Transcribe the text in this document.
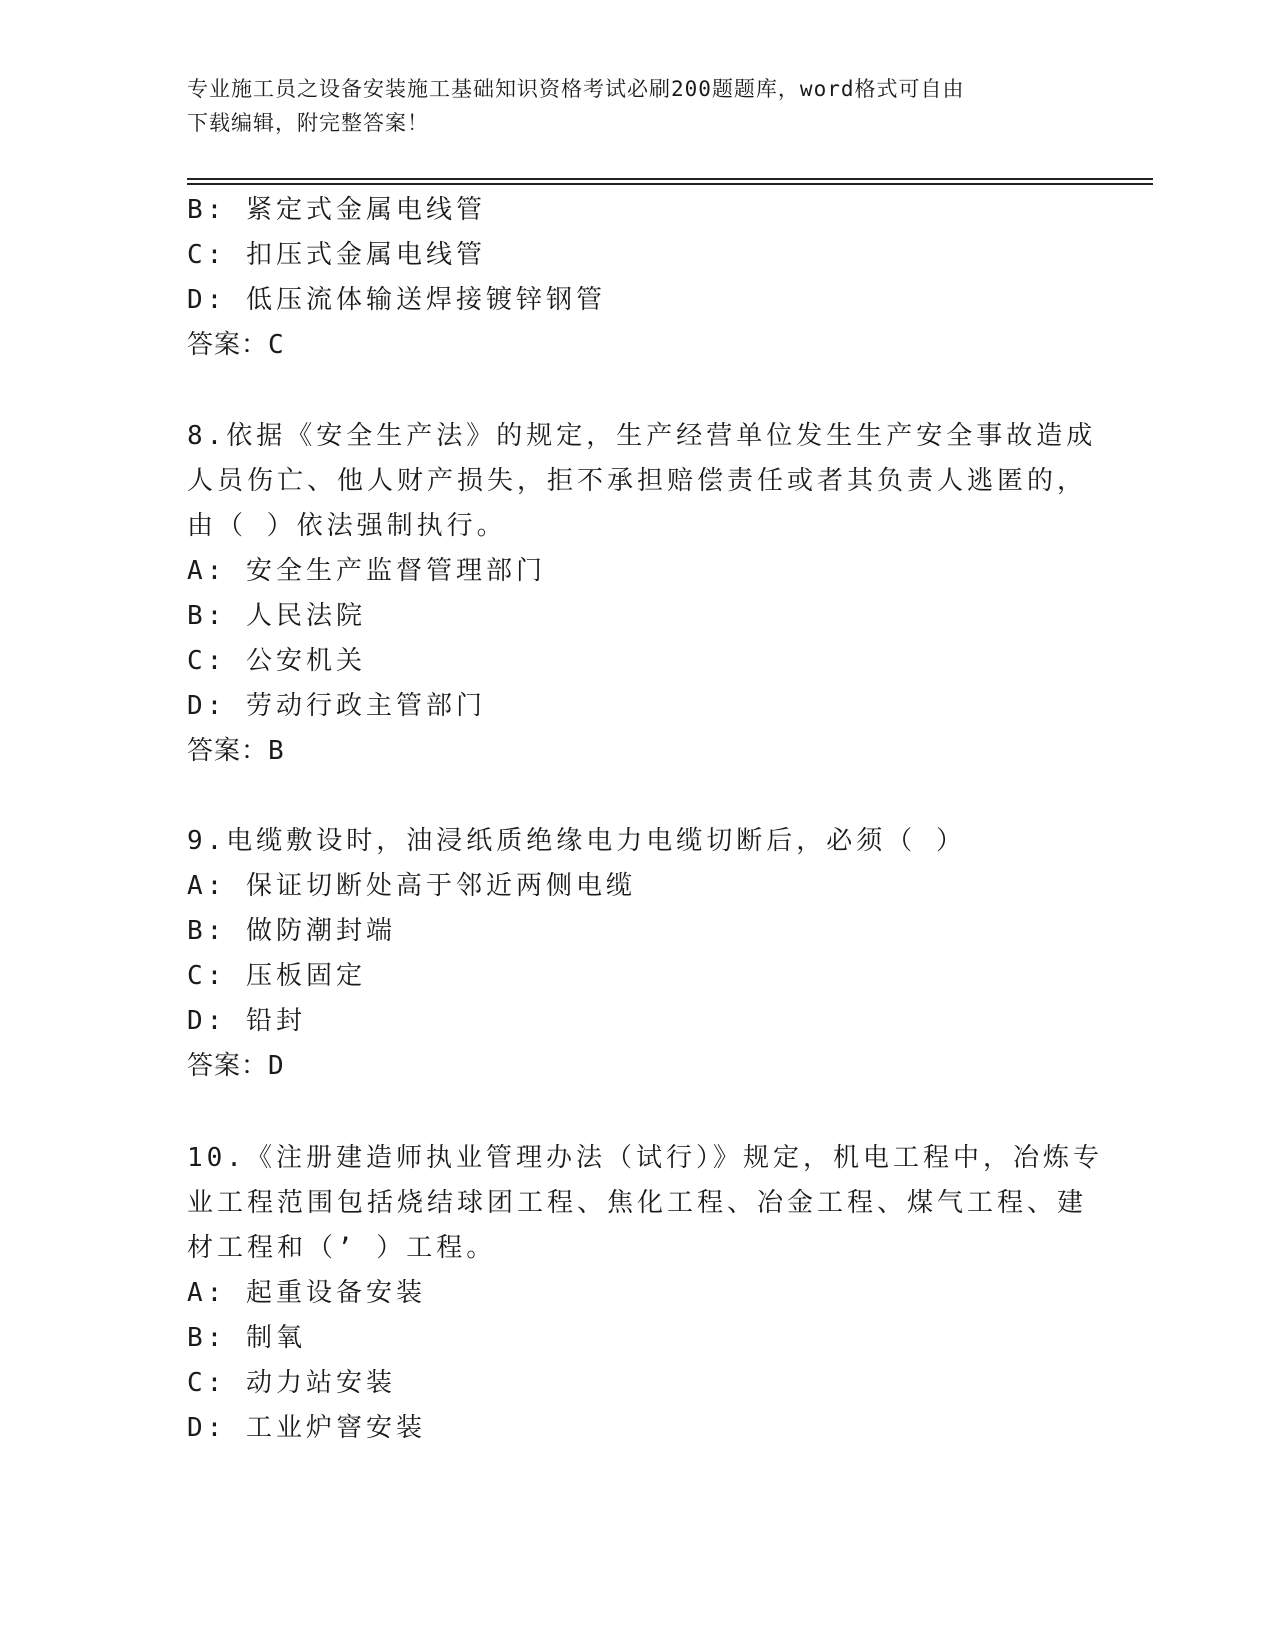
专业施工员之设备安装施工基础知识资格考试必刷200题题库，word格式可自由
下载编辑，附完整答案！
B: 紧定式金属电线管
C: 扣压式金属电线管
D: 低压流体输送焊接镀锌钢管
答案：C
8.依据《安全生产法》的规定，生产经营单位发生生产安全事故造成
人员伤亡、他人财产损失，拒不承担赔偿责任或者其负责人逃匿的，
由（ ）依法强制执行。
A: 安全生产监督管理部门
B: 人民法院
C: 公安机关
D: 劳动行政主管部门
答案：B
9.电缆敷设时，油浸纸质绝缘电力电缆切断后，必须（ ）
A: 保证切断处高于邻近两侧电缆
B: 做防潮封端
C: 压板固定
D: 铅封
答案：D
10.《注册建造师执业管理办法（试行）》规定，机电工程中，冶炼专
业工程范围包括烧结球团工程、焦化工程、冶金工程、煤气工程、建
材工程和（’ ）工程。
A: 起重设备安装
B: 制氧
C: 动力站安装
D: 工业炉窨安装
